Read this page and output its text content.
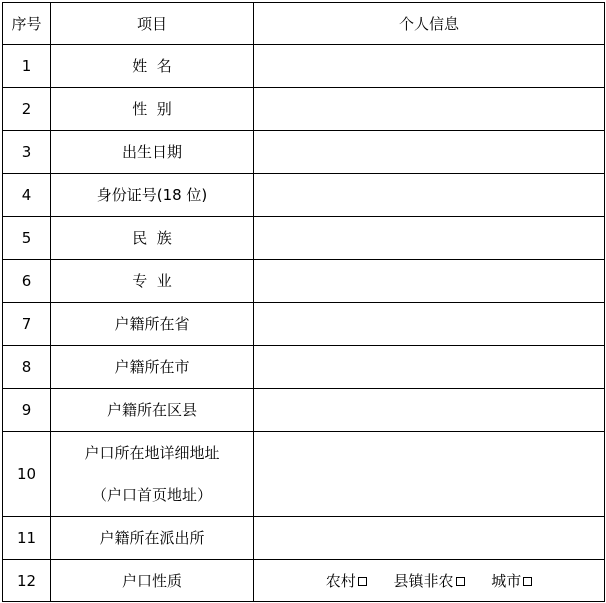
序号	项目	个人信息
1	姓  名	
2	性  别	
3	出生日期	
4	身份证号(18 位)	
5	民  族	
6	专  业	
7	户籍所在省	
8	户籍所在市	
9	户籍所在区县	
10	户口所在地详细地址
（户口首页地址）	

11	户籍所在派出所	
12	户口性质	农村 县镇非农 城市
